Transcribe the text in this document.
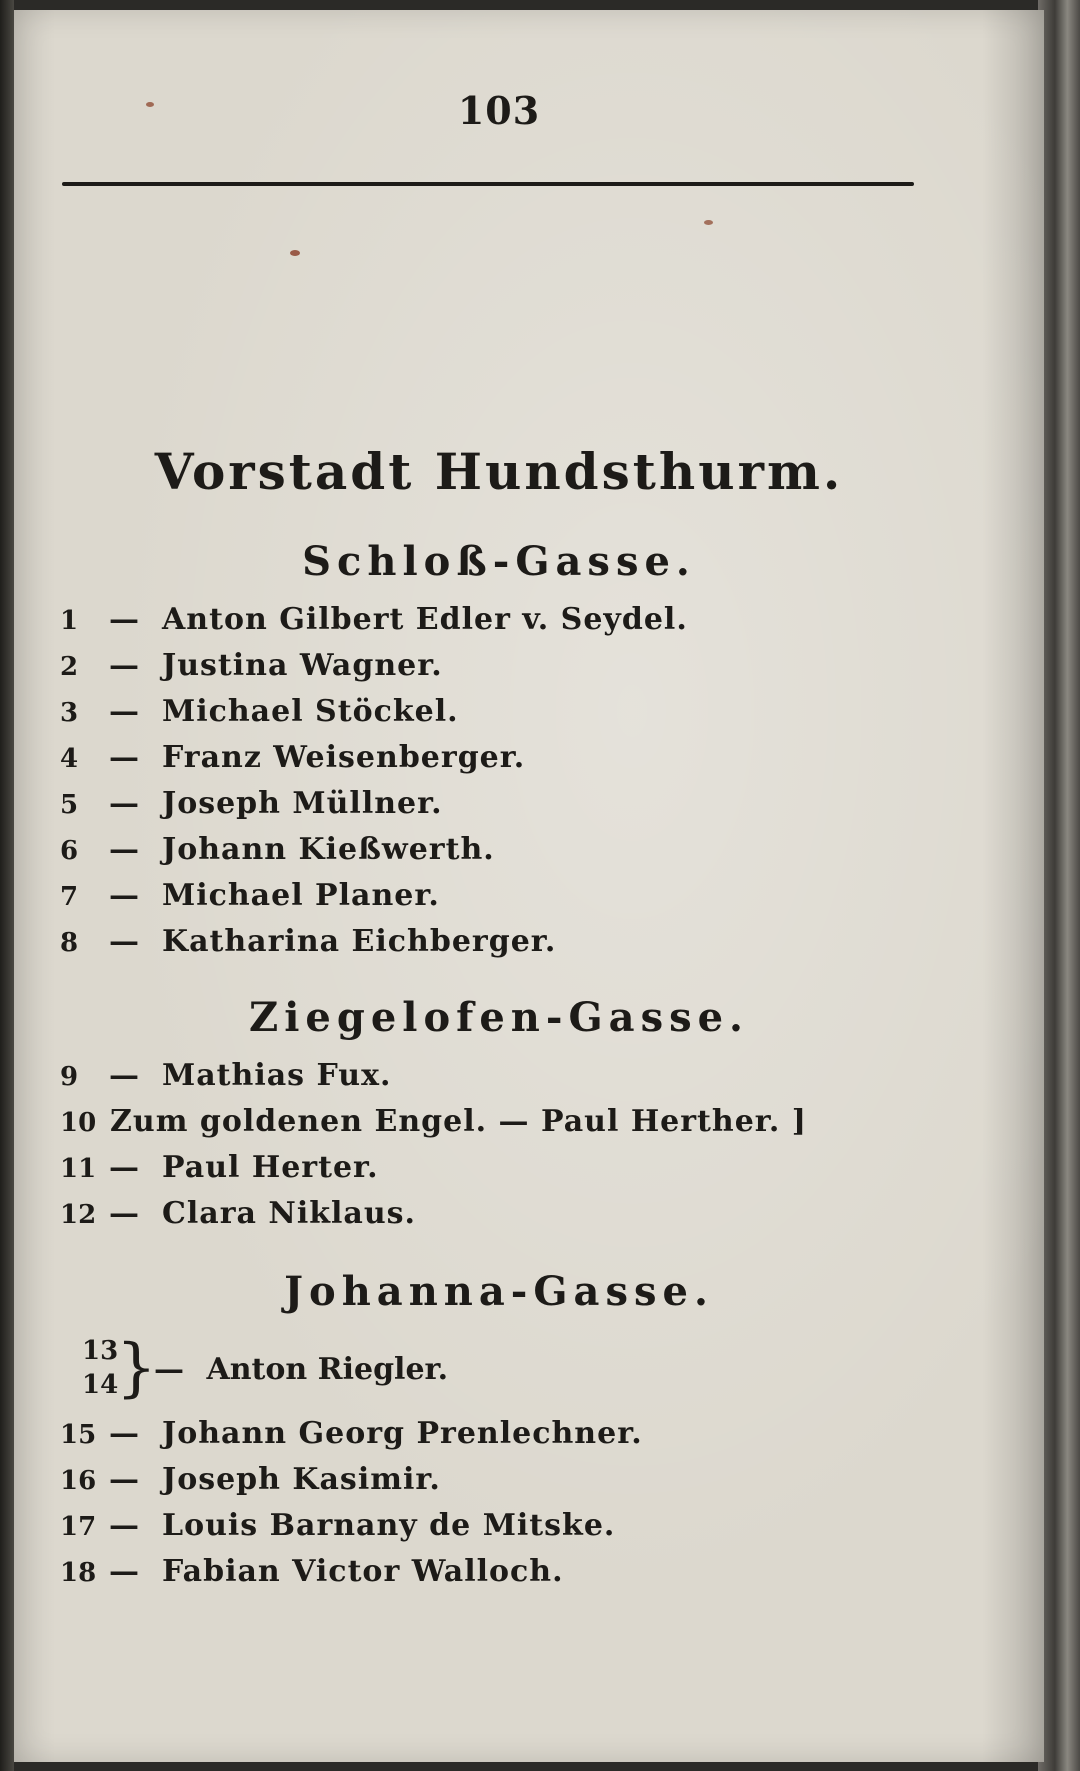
103
Vorstadt Hundsthurm.
Schloß-Gasse.
1	— Anton Gilbert Edler v. Seydel.
2	— Justina Wagner.
3	— Michael Stöckel.
4	— Franz Weisenberger.
5	— Joseph Müllner.
6	— Johann Kießwerth.
7	— Michael Planer.
8	— Katharina Eichberger.
Ziegelofen-Gasse.
9	— Mathias Fux.
10 Zum goldenen Engel. — Paul Herther. ]
11 — Paul Herter.
12 — Clara Niklaus.
Johanna-Gasse.
13
14
}
— Anton Riegler.
15 — Johann Georg Prenlechner.
16 — Joseph Kasimir.
17 — Louis Barnany de Mitske.
18 — Fabian Victor Walloch.
